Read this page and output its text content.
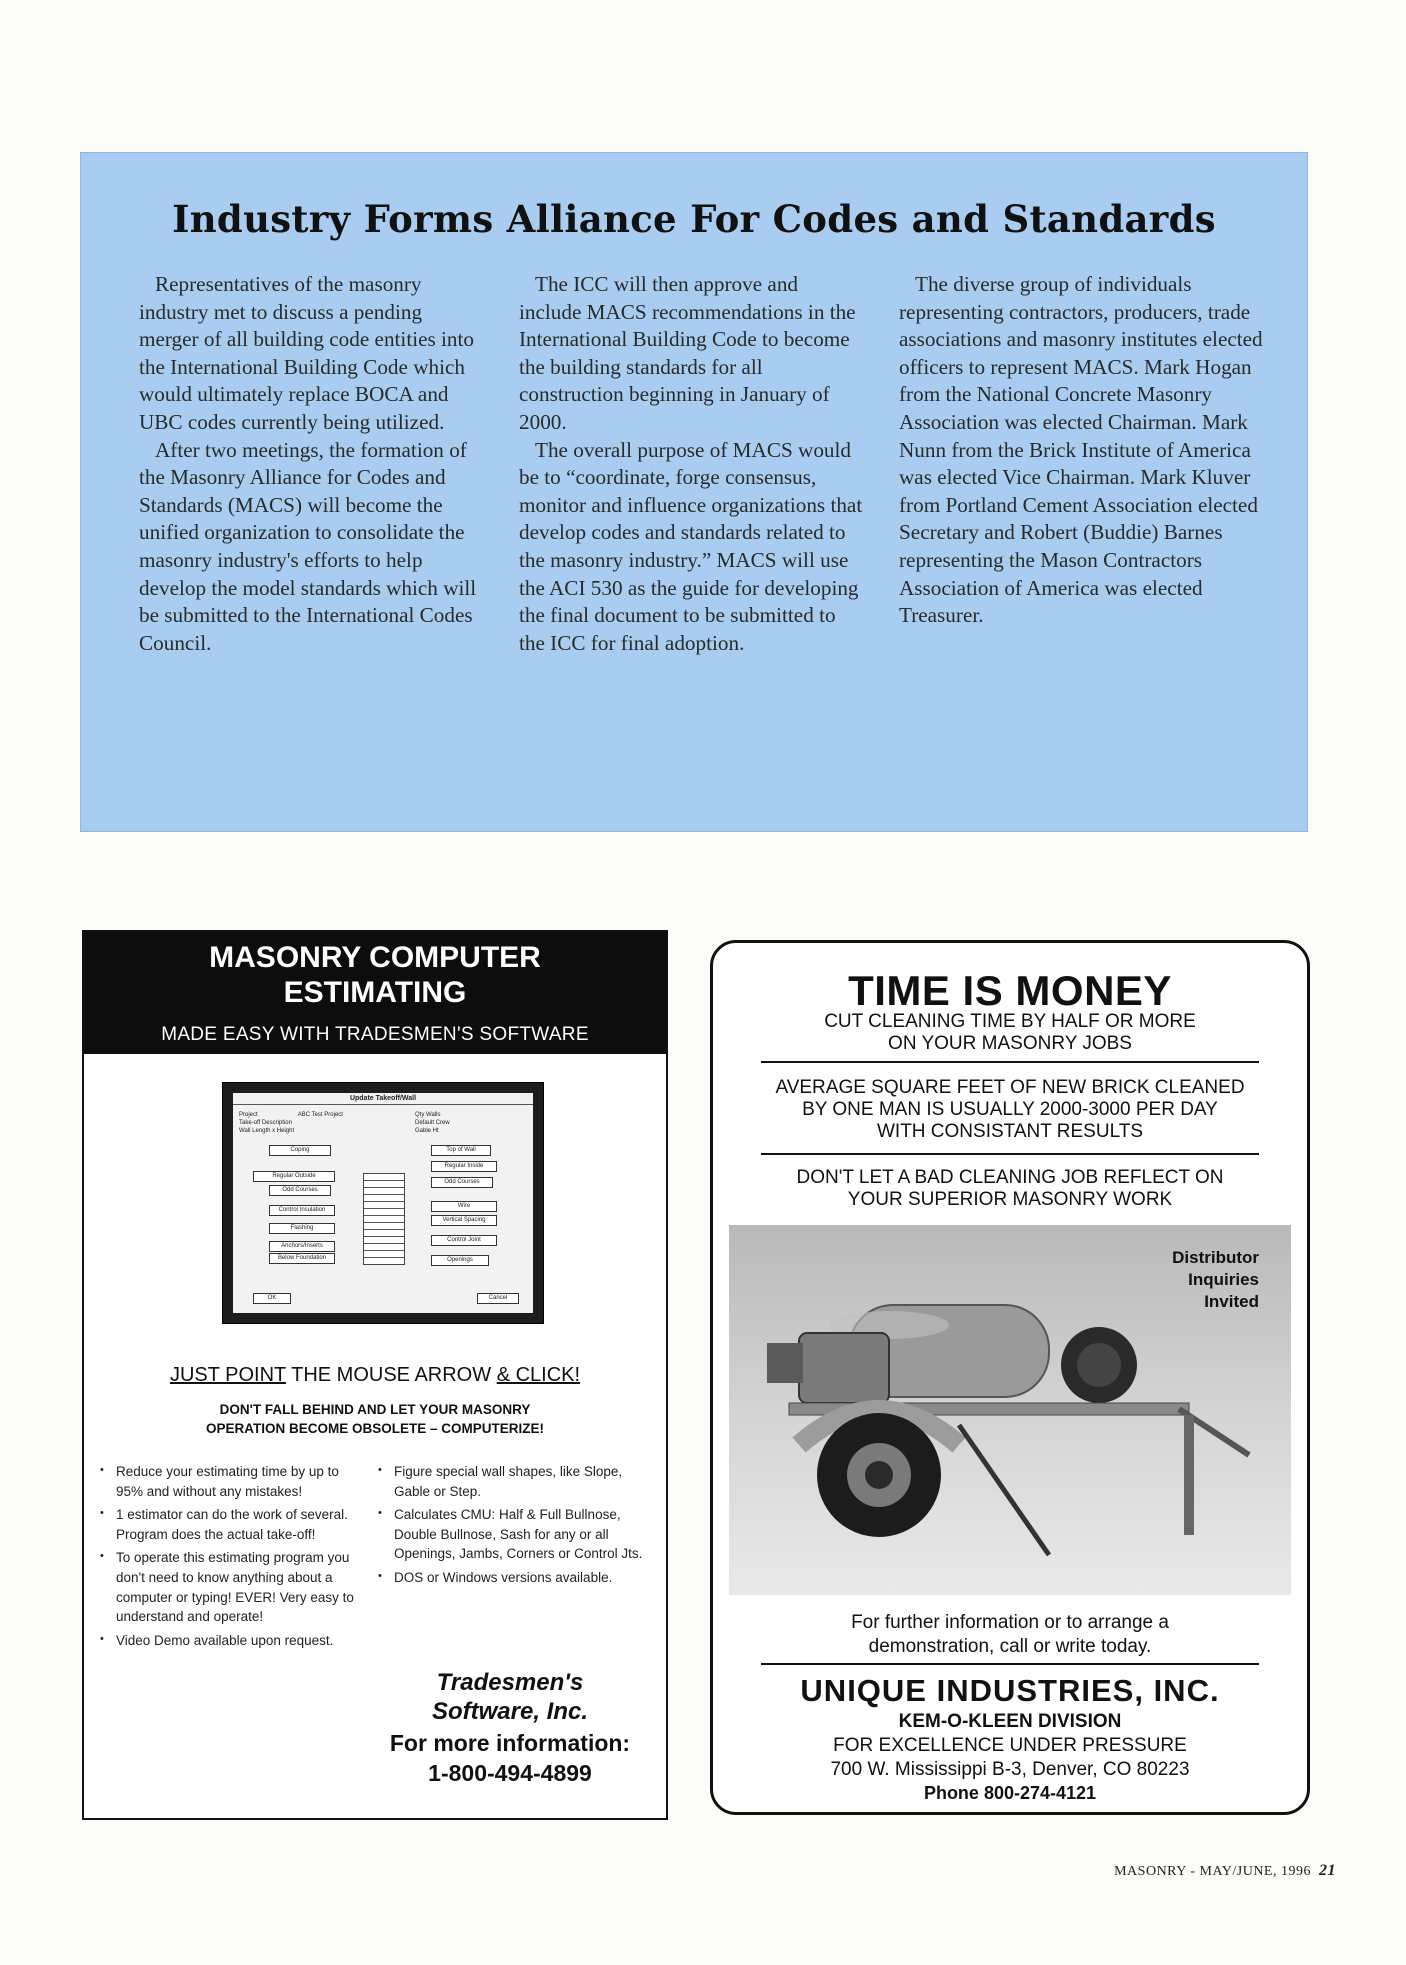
Industry Forms Alliance For Codes and Standards

Representatives of the masonry industry met to discuss a pending merger of all building code entities into the International Building Code which would ultimately replace BOCA and UBC codes currently being utilized.

After two meetings, the formation of the Masonry Alliance for Codes and Standards (MACS) will become the unified organization to consolidate the masonry industry's efforts to help develop the model standards which will be submitted to the International Codes Council.

The ICC will then approve and include MACS recommendations in the International Building Code to become the building standards for all construction beginning in January of 2000.

The overall purpose of MACS would be to “coordinate, forge consensus, monitor and influence organizations that develop codes and standards related to the masonry industry.” MACS will use the ACI 530 as the guide for developing the final document to be submitted to the ICC for final adoption.

The diverse group of individuals representing contractors, producers, trade associations and masonry institutes elected officers to represent MACS. Mark Hogan from the National Concrete Masonry Association was elected Chairman. Mark Nunn from the Brick Institute of America was elected Vice Chairman. Mark Kluver from Portland Cement Association elected Secretary and Robert (Buddie) Barnes representing the Mason Contractors Association of America was elected Treasurer.

MASONRY COMPUTER
ESTIMATING
MADE EASY WITH TRADESMEN'S SOFTWARE
Update Takeoff/Wall
Project	ABC Test Project
Take-off Description
Wall Length x Height
Qty Walls
Default Crew
Gable Ht
Coping
Regular Outside
Odd Courses
Control Insulation
Flashing
Anchors/Inserts
Below Foundation
Top of Wall
Regular Inside
Odd Courses
Wire
Vertical Spacing
Control Joint
Openings
OK	Cancel
JUST POINT THE MOUSE ARROW & CLICK!
DON'T FALL BEHIND AND LET YOUR MASONRY
OPERATION BECOME OBSOLETE – COMPUTERIZE!
• Reduce your estimating time by up to 95% and without any mistakes!
• 1 estimator can do the work of several. Program does the actual take-off!
• To operate this estimating program you don't need to know anything about a computer or typing! EVER! Very easy to understand and operate!
• Video Demo available upon request.
• Figure special wall shapes, like Slope, Gable or Step.
• Calculates CMU: Half & Full Bullnose, Double Bullnose, Sash for any or all Openings, Jambs, Corners or Control Jts.
• DOS or Windows versions available.
Tradesmen's
Software, Inc.
For more information:
1-800-494-4899
TIME IS MONEY
CUT CLEANING TIME BY HALF OR MORE
ON YOUR MASONRY JOBS
AVERAGE SQUARE FEET OF NEW BRICK CLEANED
BY ONE MAN IS USUALLY 2000-3000 PER DAY
WITH CONSISTANT RESULTS
DON'T LET A BAD CLEANING JOB REFLECT ON
YOUR SUPERIOR MASONRY WORK
Distributor
Inquiries
Invited
For further information or to arrange a
demonstration, call or write today.
UNIQUE INDUSTRIES, INC.
KEM-O-KLEEN DIVISION
FOR EXCELLENCE UNDER PRESSURE
700 W. Mississippi B-3, Denver, CO 80223
Phone 800-274-4121
MASONRY - MAY/JUNE, 1996 21
